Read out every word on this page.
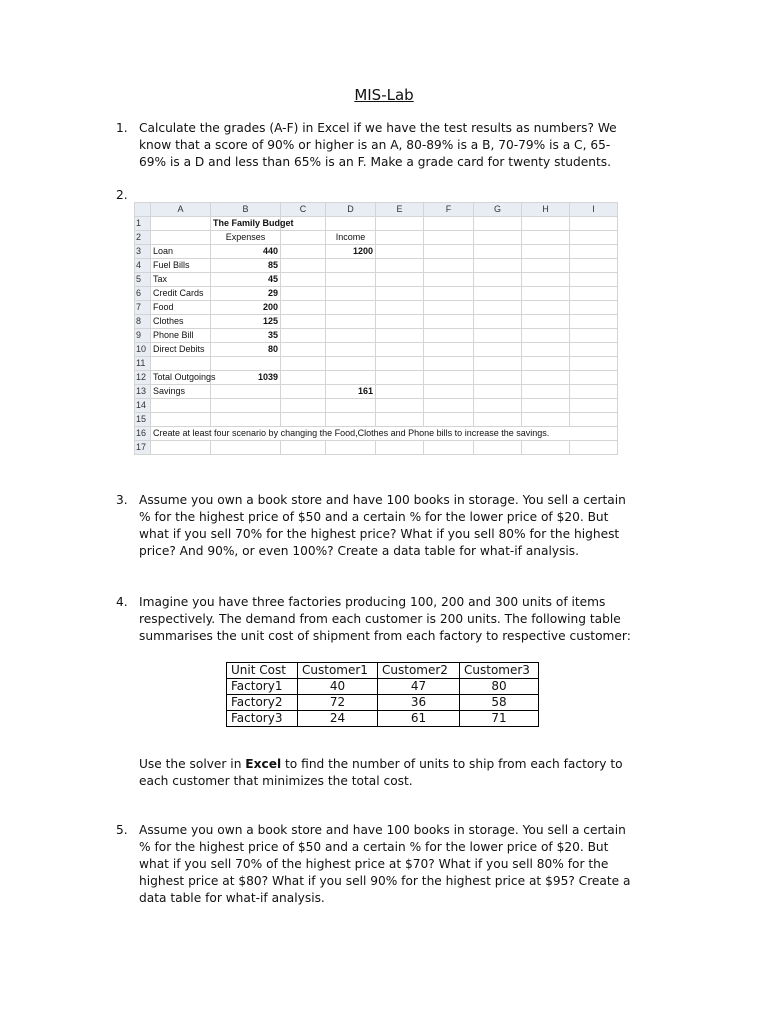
MIS-Lab
1. Calculate the grades (A-F) in Excel if we have the test results as numbers? We
know that a score of 90% or higher is an A, 80-89% is a B, 70-79% is a C, 65-
69% is a D and less than 65% is an F. Make a grade card for twenty students.
2.
	A	B	C	D	E	F	G	H	I
1		The Family Budget							
2		Expenses		Income					
3	Loan	440		1200					
4	Fuel Bills	85							
5	Tax	45							
6	Credit Cards	29							
7	Food	200							
8	Clothes	125							
9	Phone Bill	35							
10	Direct Debits	80							
11									
12	Total Outgoings	1039							
13	Savings			161					
14									
15									
16	Create at least four scenario by changing the Food,Clothes and Phone bills to increase the savings.								
17									
3. Assume you own a book store and have 100 books in storage. You sell a certain
% for the highest price of $50 and a certain % for the lower price of $20. But
what if you sell 70% for the highest price? What if you sell 80% for the highest
price? And 90%, or even 100%? Create a data table for what-if analysis.
4. Imagine you have three factories producing 100, 200 and 300 units of items
respectively. The demand from each customer is 200 units. The following table
summarises the unit cost of shipment from each factory to respective customer:
Unit Cost	Customer1	Customer2	Customer3
Factory1	40	47	80
Factory2	72	36	58
Factory3	24	61	71
Use the solver in Excel to find the number of units to ship from each factory to
each customer that minimizes the total cost.
5. Assume you own a book store and have 100 books in storage. You sell a certain
% for the highest price of $50 and a certain % for the lower price of $20. But
what if you sell 70% of the highest price at $70? What if you sell 80% for the
highest price at $80? What if you sell 90% for the highest price at $95? Create a
data table for what-if analysis.
